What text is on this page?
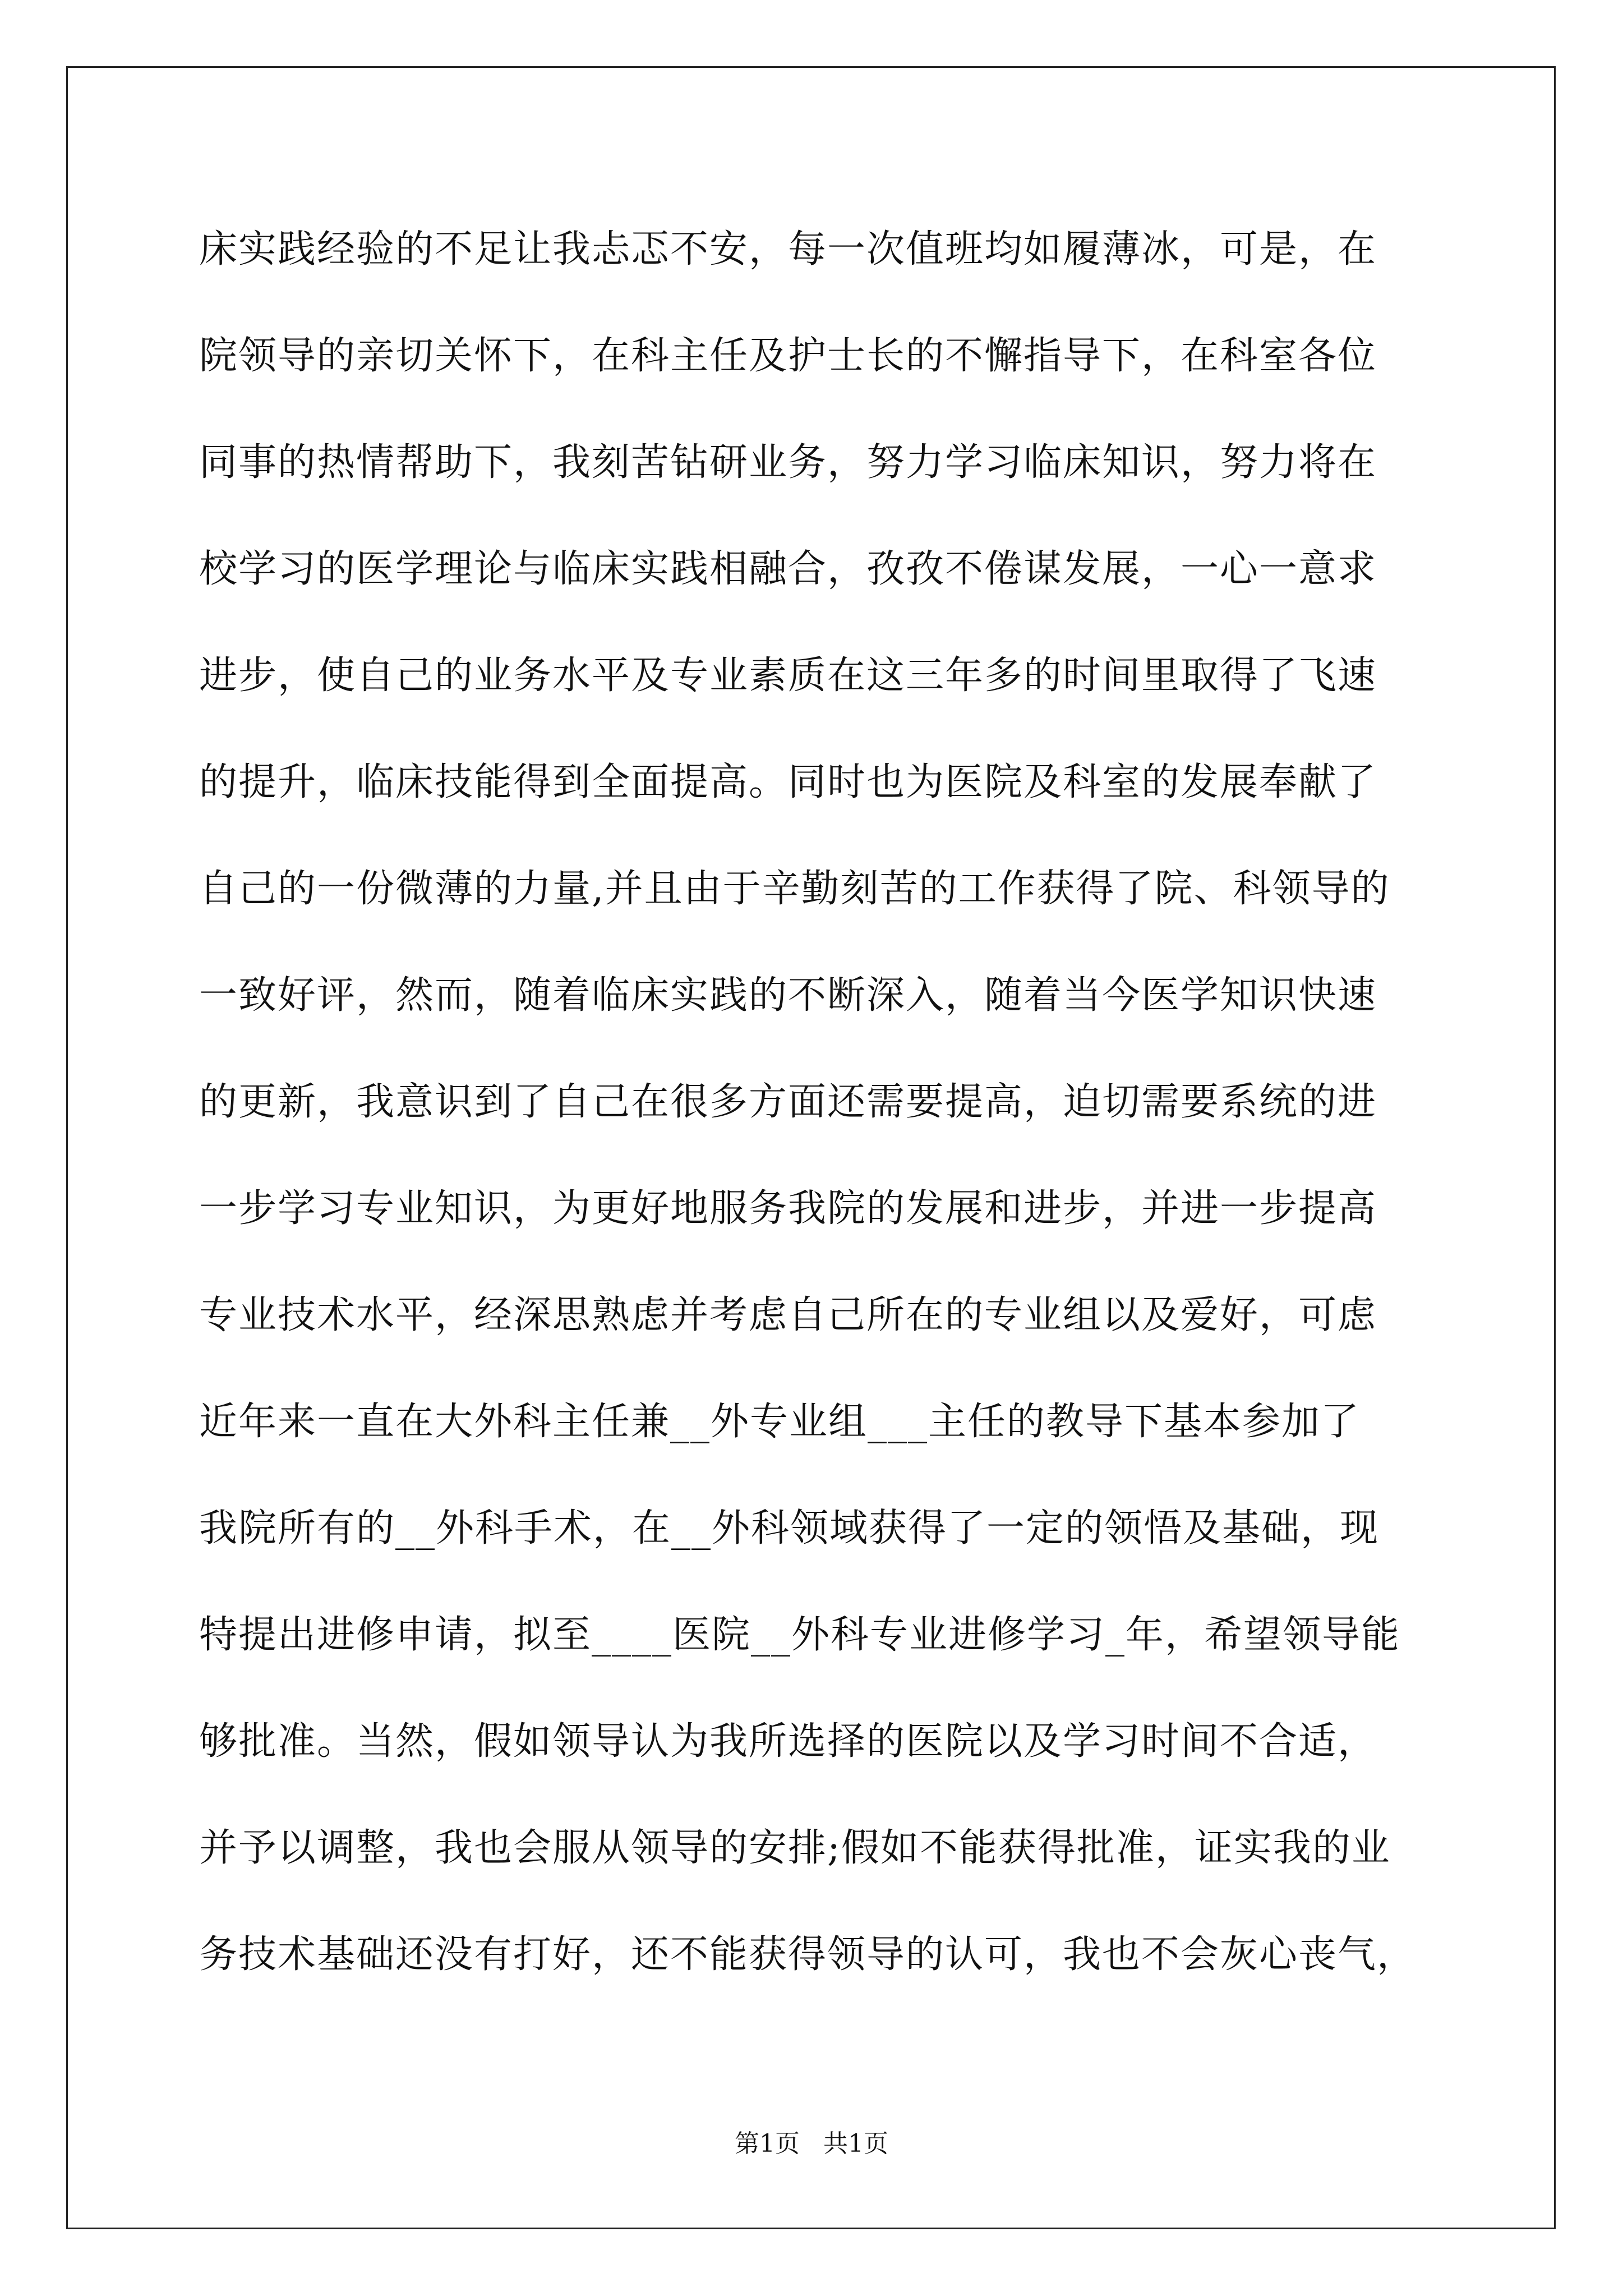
床实践经验的不足让我忐忑不安，每一次值班均如履薄冰，可是，在
院领导的亲切关怀下，在科主任及护士长的不懈指导下，在科室各位
同事的热情帮助下，我刻苦钻研业务，努力学习临床知识，努力将在
校学习的医学理论与临床实践相融合，孜孜不倦谋发展，一心一意求
进步，使自己的业务水平及专业素质在这三年多的时间里取得了飞速
的提升，临床技能得到全面提高。同时也为医院及科室的发展奉献了
自己的一份微薄的力量,并且由于辛勤刻苦的工作获得了院、科领导的
一致好评，然而，随着临床实践的不断深入，随着当今医学知识快速
的更新，我意识到了自己在很多方面还需要提高，迫切需要系统的进
一步学习专业知识，为更好地服务我院的发展和进步，并进一步提高
专业技术水平，经深思熟虑并考虑自己所在的专业组以及爱好，可虑
近年来一直在大外科主任兼__外专业组___主任的教导下基本参加了
我院所有的__外科手术，在__外科领域获得了一定的领悟及基础，现
特提出进修申请，拟至____医院__外科专业进修学习_年，希望领导能
够批准。当然，假如领导认为我所选择的医院以及学习时间不合适，
并予以调整，我也会服从领导的安排;假如不能获得批准，证实我的业
务技术基础还没有打好，还不能获得领导的认可，我也不会灰心丧气，
第1页 共1页
